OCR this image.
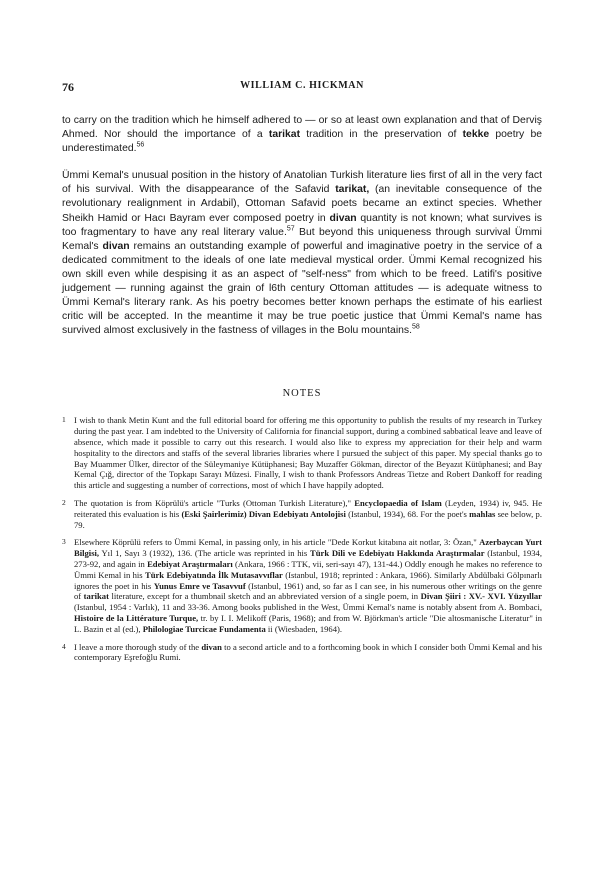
76	WILLIAM C. HICKMAN

to carry on the tradition which he himself adhered to — or so at least own explanation and that of Derviş Ahmed. Nor should the importance of a tarikat tradition in the preservation of tekke poetry be underestimated.$^{56}$

Ümmi Kemal's unusual position in the history of Anatolian Turkish literature lies first of all in the very fact of his survival. With the disappearance of the Safavid tarikat, (an inevitable consequence of the revolutionary realignment in Ardabil), Ottoman Safavid poets became an extinct species. Whether Sheikh Hamid or Hacı Bayram ever composed poetry in divan quantity is not known; what survives is too fragmentary to have any real literary value.$^{57}$ But beyond this uniqueness through survival Ümmi Kemal's divan remains an outstanding example of powerful and imaginative poetry in the service of a dedicated commitment to the ideals of one late medieval mystical order. Ümmi Kemal recognized his own skill even while despising it as an aspect of "self-ness" from which to be freed. Latifi's positive judgement — running against the grain of l6th century Ottoman attitudes — is adequate witness to Ümmi Kemal's literary rank. As his poetry becomes better known perhaps the estimate of his earliest critic will be accepted. In the meantime it may be true poetic justice that Ümmi Kemal's name has survived almost exclusively in the fastness of villages in the Bolu mountains.$^{58}$

NOTES
1 I wish to thank Metin Kunt and the full editorial board for offering me this opportunity to publish the results of my research in Turkey during the past year. I am indebted to the University of California for financial support, during a combined sabbatical leave and leave of absence, which made it possible to carry out this research. I would also like to express my appreciation for their help and warm hospitality to the directors and staffs of the several libraries libraries where I pursued the subject of this paper. My special thanks go to Bay Muammer Ülker, director of the Süleymaniye Kütüphanesi; Bay Muzaffer Gökman, director of the Beyazıt Kütüphanesi; and Bay Kemal Çığ, director of the Topkapı Sarayı Müzesi. Finally, I wish to thank Professors Andreas Tietze and Robert Dankoff for reading this article and suggesting a number of corrections, most of which I have happily adopted.
2 The quotation is from Köprülü's article "Turks (Ottoman Turkish Literature)," Encyclopaedia of Islam (Leyden, 1934) iv, 945. He reiterated this evaluation is his (Eski Şairlerimiz) Divan Edebiyatı Antolojisi (Istanbul, 1934), 68. For the poet's mahlas see below, p. 79.
3 Elsewhere Köprülü refers to Ümmi Kemal, in passing only, in his article "Dede Korkut kitabına ait notlar, 3: Özan," Azerbaycan Yurt Bilgisi, Yıl 1, Sayı 3 (1932), 136. (The article was reprinted in his Türk Dili ve Edebiyatı Hakkında Araştırmalar (Istanbul, 1934, 273-92, and again in Edebiyat Araştırmaları (Ankara, 1966 : TTK, vii, seri-sayı 47), 131-44.) Oddly enough he makes no reference to Ümmi Kemal in his Türk Edebiyatında İlk Mutasavvıflar (Istanbul, 1918; reprinted : Ankara, 1966). Similarly Abdülbaki Gölpınarlı ignores the poet in his Yunus Emre ve Tasavvuf (Istanbul, 1961) and, so far as I can see, in his numerous other writings on the genre of tarikat literature, except for a thumbnail sketch and an abbreviated version of a single poem, in Divan Şiiri : XV.- XVI. Yüzyıllar (Istanbul, 1954 : Varlık), 11 and 33-36. Among books published in the West, Ümmi Kemal's name is notably absent from A. Bombaci, Histoire de la Littérature Turque, tr. by I. I. Melikoff (Paris, 1968); and from W. Björkman's article "Die altosmanische Literatur" in L. Bazin et al (ed.), Philologiae Turcicae Fundamenta ii (Wiesbaden, 1964).
4 I leave a more thorough study of the divan to a second article and to a forthcoming book in which I consider both Ümmi Kemal and his contemporary Eşrefoğlu Rumi.
